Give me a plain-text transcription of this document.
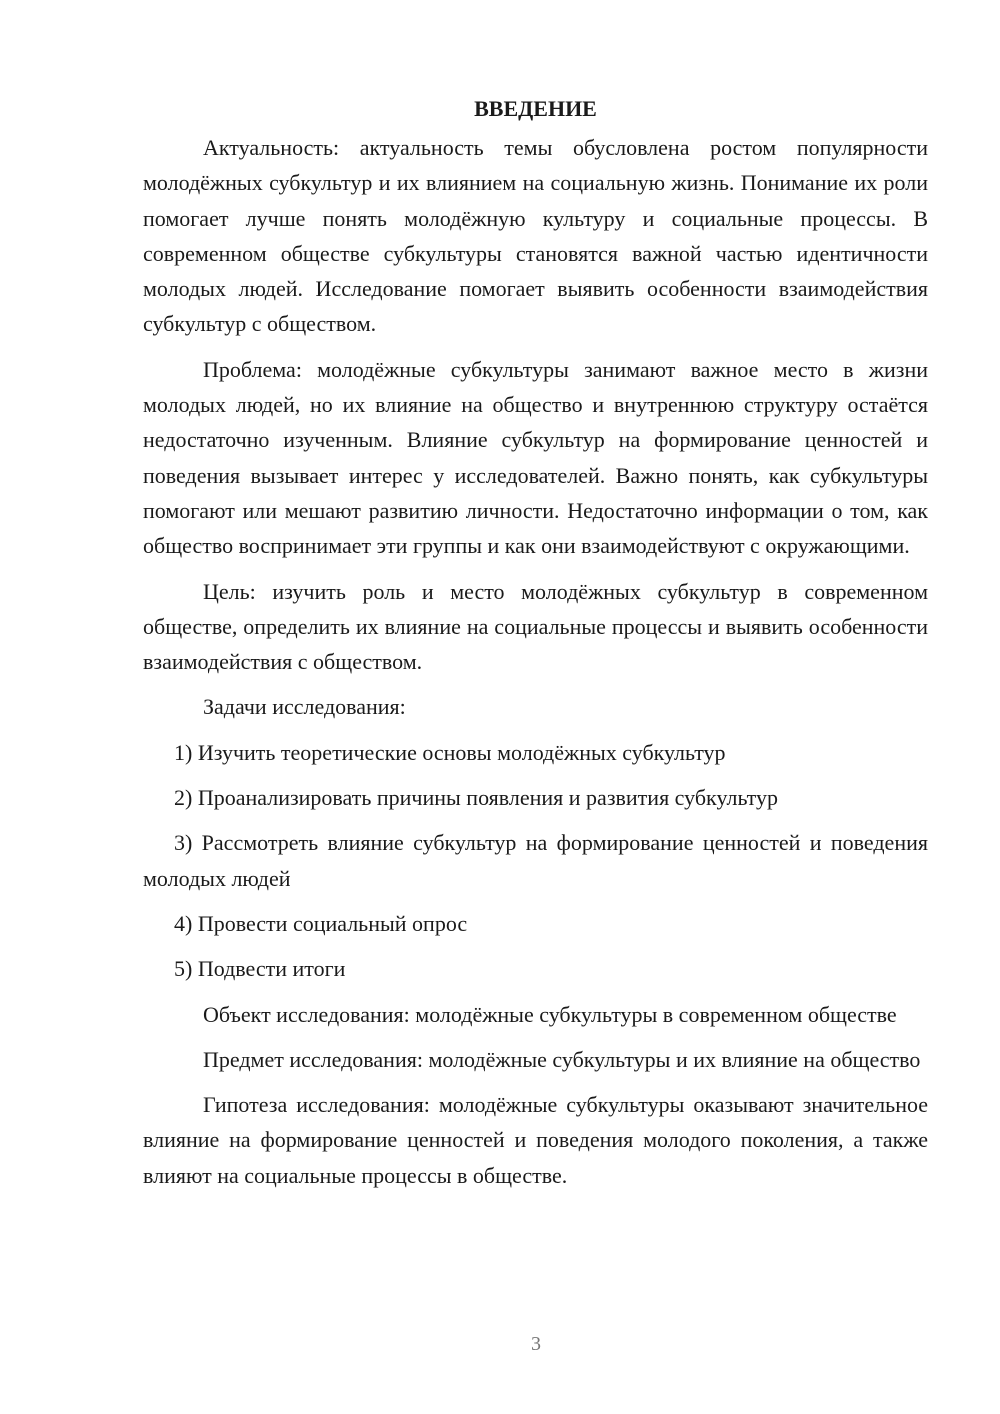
ВВЕДЕНИЕ

Актуальность: актуальность темы обусловлена ростом популярности молодёжных субкультур и их влиянием на социальную жизнь. Понимание их роли помогает лучше понять молодёжную культуру и социальные процессы. В современном обществе субкультуры становятся важной частью идентичности молодых людей. Исследование помогает выявить особенности взаимодействия субкультур с обществом.

Проблема: молодёжные субкультуры занимают важное место в жизни молодых людей, но их влияние на общество и внутреннюю структуру остаётся недостаточно изученным. Влияние субкультур на формирование ценностей и поведения вызывает интерес у исследователей. Важно понять, как субкультуры помогают или мешают развитию личности. Недостаточно информации о том, как общество воспринимает эти группы и как они взаимодействуют с окружающими.

Цель: изучить роль и место молодёжных субкультур в современном обществе, определить их влияние на социальные процессы и выявить особенности взаимодействия с обществом.

Задачи исследования:

1) Изучить теоретические основы молодёжных субкультур

2) Проанализировать причины появления и развития субкультур

3) Рассмотреть влияние субкультур на формирование ценностей и поведения молодых людей

4) Провести социальный опрос

5) Подвести итоги

Объект исследования: молодёжные субкультуры в современном обществе

Предмет исследования: молодёжные субкультуры и их влияние на общество

Гипотеза исследования: молодёжные субкультуры оказывают значительное влияние на формирование ценностей и поведения молодого поколения, а также влияют на социальные процессы в обществе.

3
